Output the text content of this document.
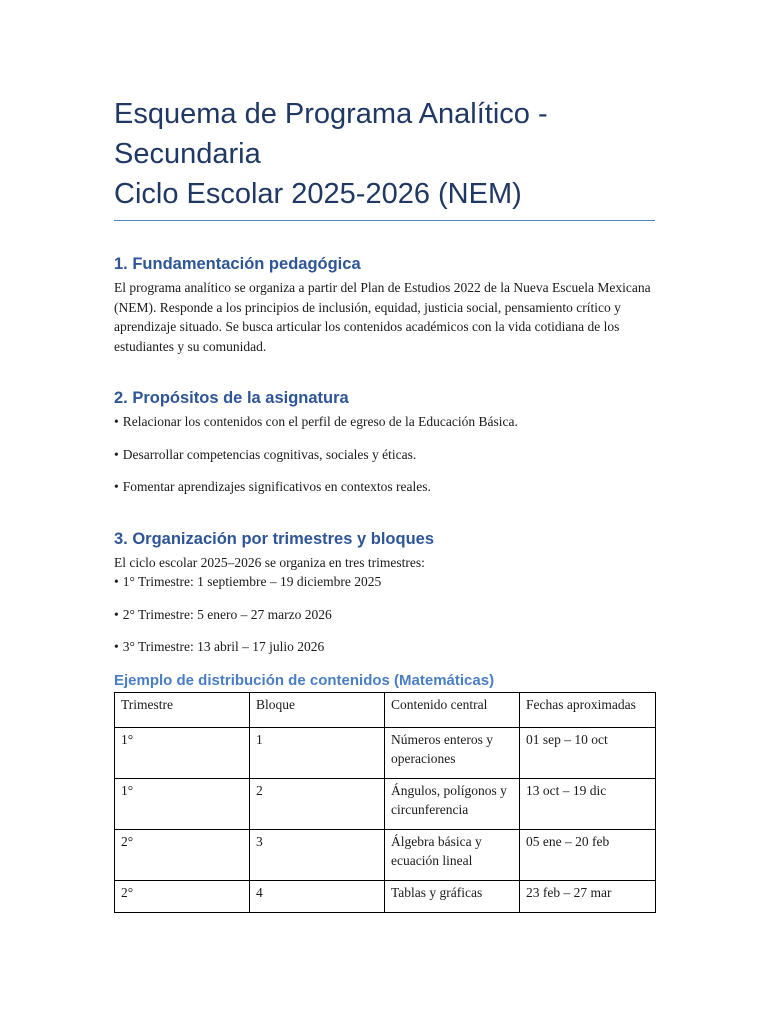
Esquema de Programa Analítico -
Secundaria
Ciclo Escolar 2025-2026 (NEM)
1. Fundamentación pedagógica

El programa analítico se organiza a partir del Plan de Estudios 2022 de la Nueva Escuela Mexicana (NEM). Responde a los principios de inclusión, equidad, justicia social, pensamiento crítico y aprendizaje situado. Se busca articular los contenidos académicos con la vida cotidiana de los estudiantes y su comunidad.

2. Propósitos de la asignatura

• Relacionar los contenidos con el perfil de egreso de la Educación Básica.

• Desarrollar competencias cognitivas, sociales y éticas.

• Fomentar aprendizajes significativos en contextos reales.

3. Organización por trimestres y bloques

El ciclo escolar 2025–2026 se organiza en tres trimestres:

• 1° Trimestre: 1 septiembre – 19 diciembre 2025

• 2° Trimestre: 5 enero – 27 marzo 2026

• 3° Trimestre: 13 abril – 17 julio 2026

Ejemplo de distribución de contenidos (Matemáticas)
Trimestre	Bloque	Contenido central	Fechas aproximadas
1°	1	Números enteros y operaciones	01 sep – 10 oct
1°	2	Ángulos, polígonos y circunferencia	13 oct – 19 dic
2°	3	Álgebra básica y ecuación lineal	05 ene – 20 feb
2°	4	Tablas y gráficas	23 feb – 27 mar
